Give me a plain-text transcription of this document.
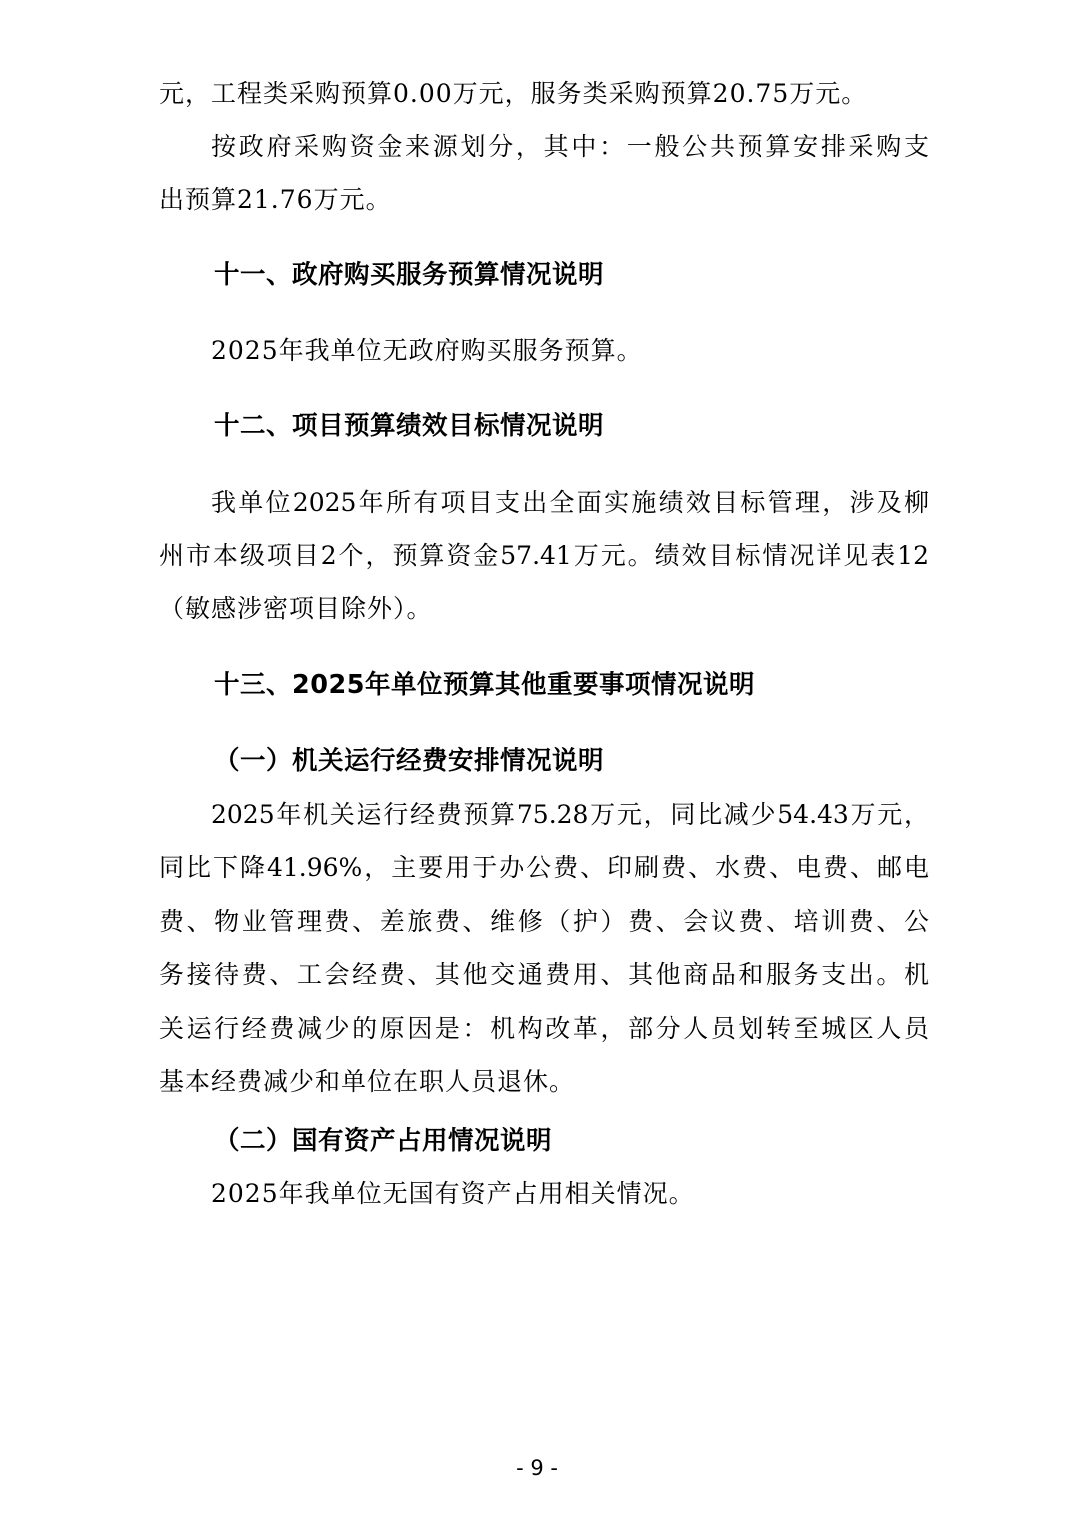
元，工程类采购预算0.00万元，服务类采购预算20.75万元。
按政府采购资金来源划分，其中：一般公共预算安排采购支
出预算21.76万元。
十一、政府购买服务预算情况说明
2025年我单位无政府购买服务预算。
十二、项目预算绩效目标情况说明
我单位2025年所有项目支出全面实施绩效目标管理，涉及柳
州市本级项目2个，预算资金57.41万元。绩效目标情况详见表12
（敏感涉密项目除外）。
十三、2025年单位预算其他重要事项情况说明
（一）机关运行经费安排情况说明
2025年机关运行经费预算75.28万元，同比减少54.43万元，
同比下降41.96%，主要用于办公费、印刷费、水费、电费、邮电
费、物业管理费、差旅费、维修（护）费、会议费、培训费、公
务接待费、工会经费、其他交通费用、其他商品和服务支出。机
关运行经费减少的原因是：机构改革，部分人员划转至城区人员
基本经费减少和单位在职人员退休。
（二）国有资产占用情况说明
2025年我单位无国有资产占用相关情况。
- 9 -
